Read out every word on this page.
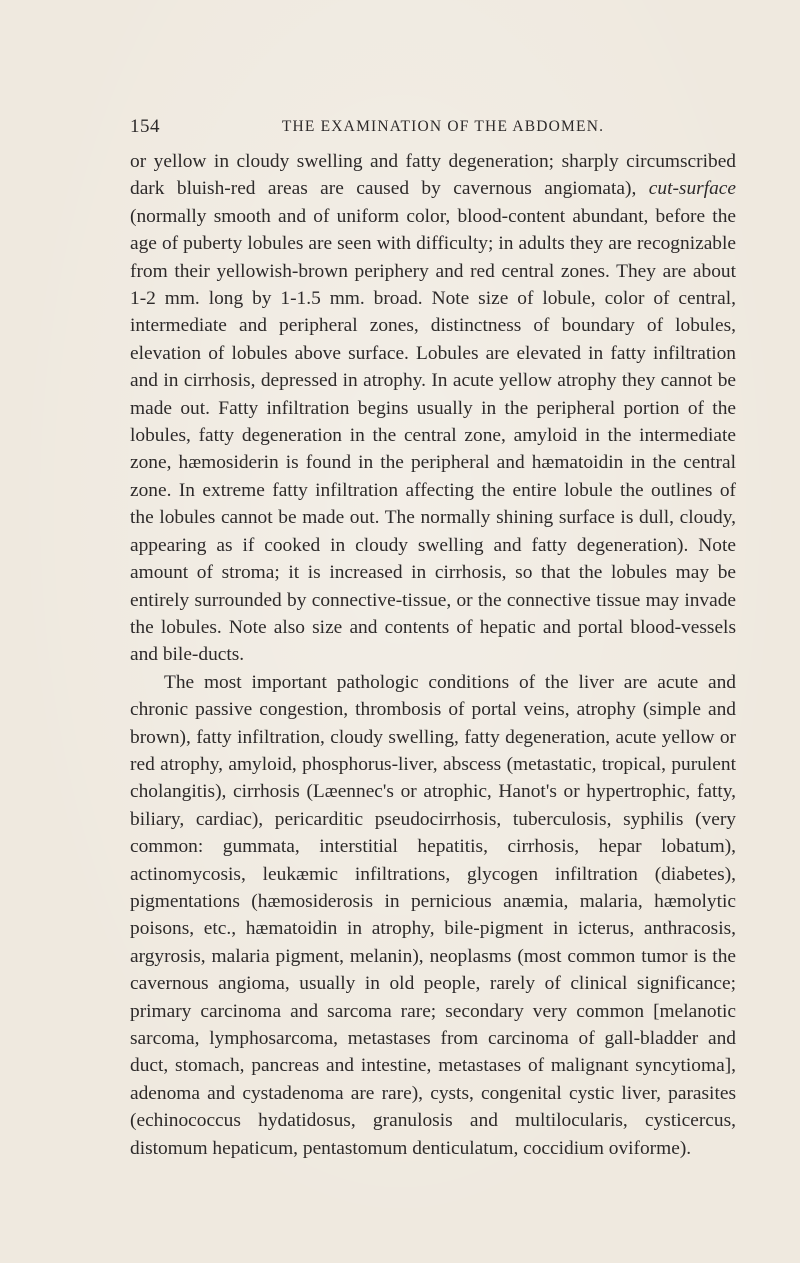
154	THE EXAMINATION OF THE ABDOMEN.

or yellow in cloudy swelling and fatty degeneration; sharply circumscribed dark bluish-red areas are caused by cavernous angiomata), cut-surface (normally smooth and of uniform color, blood-content abundant, before the age of puberty lobules are seen with difficulty; in adults they are recognizable from their yellowish-brown periphery and red central zones. They are about 1-2 mm. long by 1-1.5 mm. broad. Note size of lobule, color of central, intermediate and peripheral zones, distinctness of boundary of lobules, elevation of lobules above surface. Lobules are elevated in fatty infiltration and in cirrhosis, depressed in atrophy. In acute yellow atrophy they cannot be made out. Fatty infiltration begins usually in the peripheral portion of the lobules, fatty degeneration in the central zone, amyloid in the intermediate zone, hæmosiderin is found in the peripheral and hæmatoidin in the central zone. In extreme fatty infiltration affecting the entire lobule the outlines of the lobules cannot be made out. The normally shining surface is dull, cloudy, appearing as if cooked in cloudy swelling and fatty degeneration). Note amount of stroma; it is increased in cirrhosis, so that the lobules may be entirely surrounded by connective-tissue, or the connective tissue may invade the lobules. Note also size and contents of hepatic and portal blood-vessels and bile-ducts.

The most important pathologic conditions of the liver are acute and chronic passive congestion, thrombosis of portal veins, atrophy (simple and brown), fatty infiltration, cloudy swelling, fatty degeneration, acute yellow or red atrophy, amyloid, phosphorus-liver, abscess (metastatic, tropical, purulent cholangitis), cirrhosis (Læennec's or atrophic, Hanot's or hypertrophic, fatty, biliary, cardiac), pericarditic pseudocirrhosis, tuberculosis, syphilis (very common: gummata, interstitial hepatitis, cirrhosis, hepar lobatum), actinomycosis, leukæmic infiltrations, glycogen infiltration (diabetes), pigmentations (hæmosiderosis in pernicious anæmia, malaria, hæmolytic poisons, etc., hæmatoidin in atrophy, bile-pigment in icterus, anthracosis, argyrosis, malaria pigment, melanin), neoplasms (most common tumor is the cavernous angioma, usually in old people, rarely of clinical significance; primary carcinoma and sarcoma rare; secondary very common [melanotic sarcoma, lymphosarcoma, metastases from carcinoma of gall-bladder and duct, stomach, pancreas and intestine, metastases of malignant syncytioma], adenoma and cystadenoma are rare), cysts, congenital cystic liver, parasites (echinococcus hydatidosus, granulosis and multilocularis, cysticercus, distomum hepaticum, pentastomum denticulatum, coccidium oviforme).
